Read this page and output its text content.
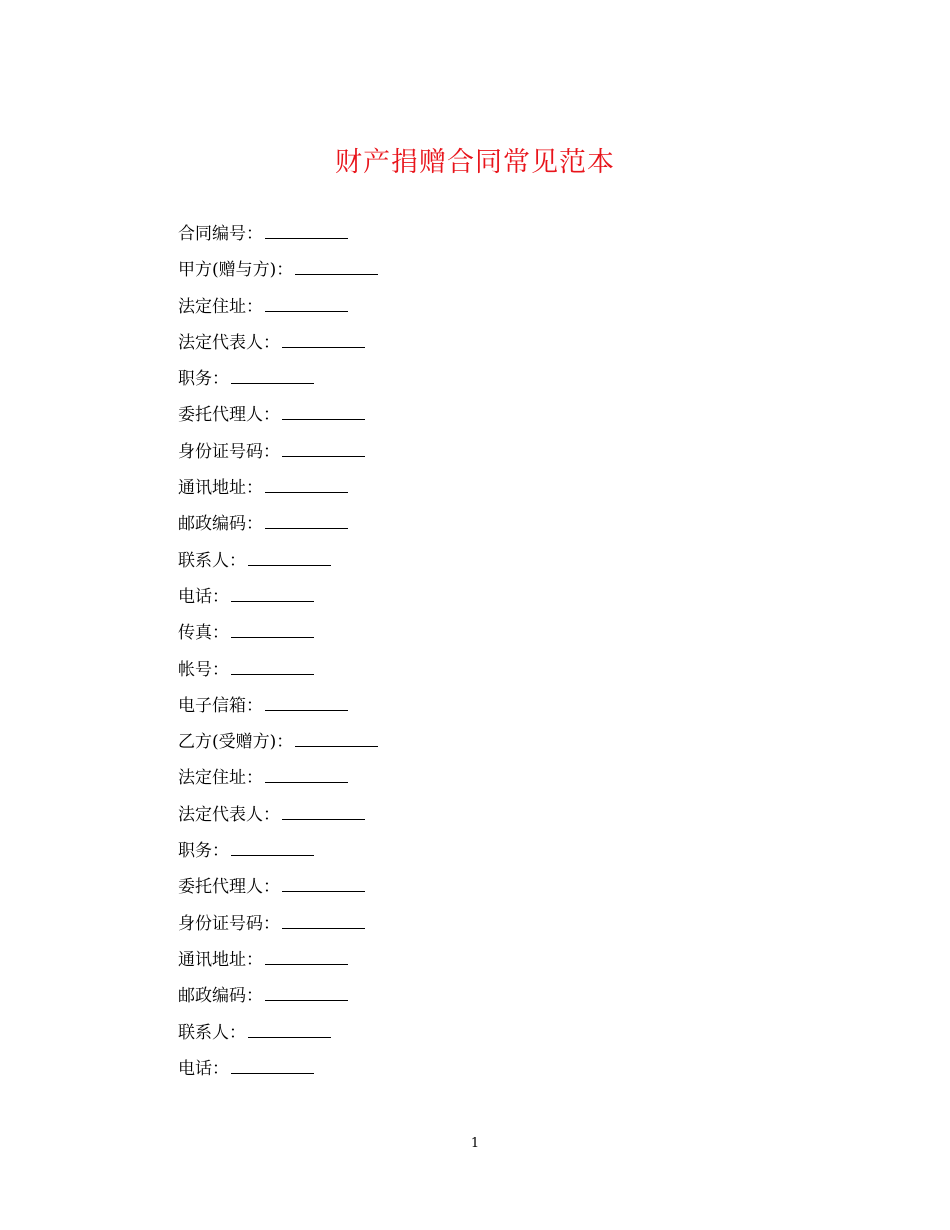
财产捐赠合同常见范本
合同编号：
甲方(赠与方)：
法定住址：
法定代表人：
职务：
委托代理人：
身份证号码：
通讯地址：
邮政编码：
联系人：
电话：
传真：
帐号：
电子信箱：
乙方(受赠方)：
法定住址：
法定代表人：
职务：
委托代理人：
身份证号码：
通讯地址：
邮政编码：
联系人：
电话：
1
